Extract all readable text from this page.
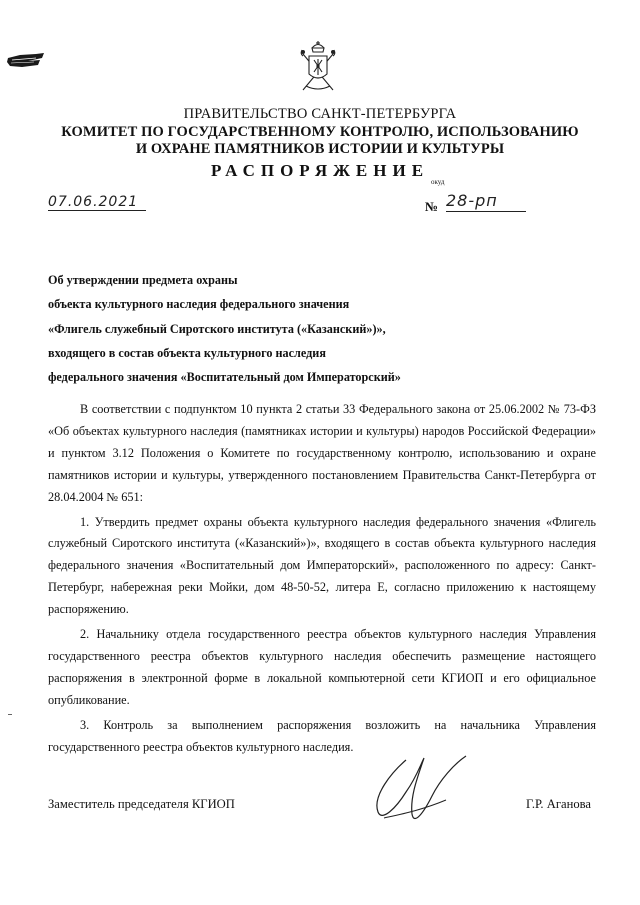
ПРАВИТЕЛЬСТВО САНКТ-ПЕТЕРБУРГА
КОМИТЕТ ПО ГОСУДАРСТВЕННОМУ КОНТРОЛЮ, ИСПОЛЬЗОВАНИЮ
И ОХРАНЕ ПАМЯТНИКОВ ИСТОРИИ И КУЛЬТУРЫ
РАСПОРЯЖЕНИЕ
окуд
07.06.2021	№ 28-рп
Об утверждении предмета охраны
объекта культурного наследия федерального значения
«Флигель служебный Сиротского института («Казанский»)»,
входящего в состав объекта культурного наследия
федерального значения «Воспитательный дом Императорский»

В соответствии с подпунктом 10 пункта 2 статьи 33 Федерального закона от 25.06.2002 № 73-ФЗ «Об объектах культурного наследия (памятниках истории и культуры) народов Российской Федерации» и пунктом 3.12 Положения о Комитете по государственному контролю, использованию и охране памятников истории и культуры, утвержденного постановлением Правительства Санкт-Петербурга от 28.04.2004 № 651:

1. Утвердить предмет охраны объекта культурного наследия федерального значения «Флигель служебный Сиротского института («Казанский»)», входящего в состав объекта культурного наследия федерального значения «Воспитательный дом Императорский», расположенного по адресу: Санкт-Петербург, набережная реки Мойки, дом 48-50-52, литера Е, согласно приложению к настоящему распоряжению.

2. Начальнику отдела государственного реестра объектов культурного наследия Управления государственного реестра объектов культурного наследия обеспечить размещение настоящего распоряжения в электронной форме в локальной компьютерной сети КГИОП и его официальное опубликование.

3. Контроль за выполнением распоряжения возложить на начальника Управления государственного реестра объектов культурного наследия.

Заместитель председателя КГИОП	Г.Р. Аганова
